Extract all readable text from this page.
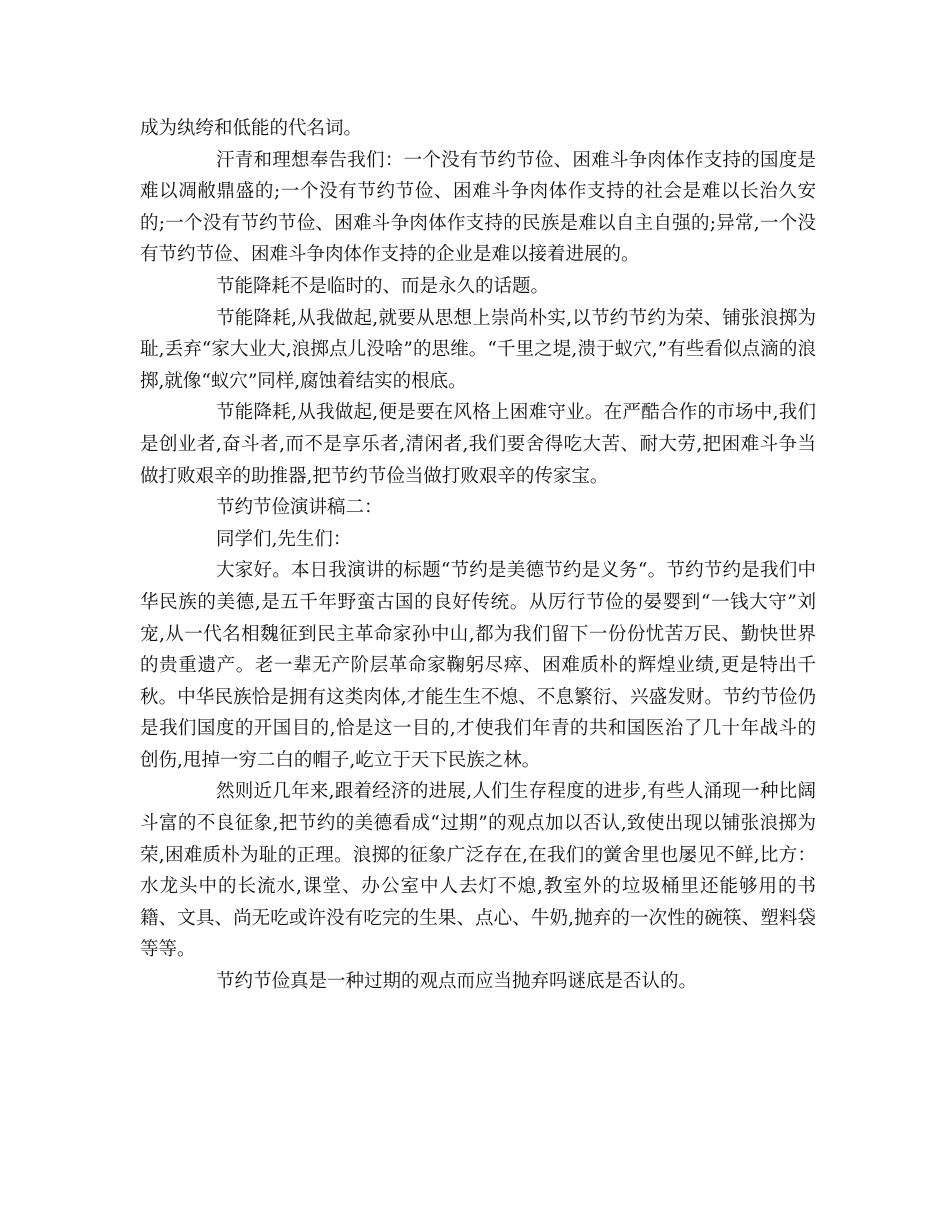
成为纨绔和低能的代名词。

汗青和理想奉告我们：一个没有节约节俭、困难斗争肉体作支持的国度是难以凋敝鼎盛的;一个没有节约节俭、困难斗争肉体作支持的社会是难以长治久安的;一个没有节约节俭、困难斗争肉体作支持的民族是难以自主自强的;异常,一个没有节约节俭、困难斗争肉体作支持的企业是难以接着进展的。

节能降耗不是临时的、而是永久的话题。

节能降耗,从我做起,就要从思想上崇尚朴实,以节约节约为荣、铺张浪掷为耻,丢弃“家大业大,浪掷点儿没啥”的思维。“千里之堤,溃于蚁穴,”有些看似点滴的浪掷,就像“蚁穴”同样,腐蚀着结实的根底。

节能降耗,从我做起,便是要在风格上困难守业。在严酷合作的市场中,我们是创业者,奋斗者,而不是享乐者,清闲者,我们要舍得吃大苦、耐大劳,把困难斗争当做打败艰辛的助推器,把节约节俭当做打败艰辛的传家宝。

节约节俭演讲稿二：

同学们,先生们：

大家好。本日我演讲的标题“节约是美德节约是义务“。节约节约是我们中华民族的美德,是五千年野蛮古国的良好传统。从厉行节俭的晏婴到“一钱大守”刘宠,从一代名相魏征到民主革命家孙中山,都为我们留下一份份忧苦万民、勤快世界的贵重遗产。老一辈无产阶层革命家鞠躬尽瘁、困难质朴的辉煌业绩,更是特出千秋。中华民族恰是拥有这类肉体,才能生生不熄、不息繁衍、兴盛发财。节约节俭仍是我们国度的开国目的,恰是这一目的,才使我们年青的共和国医治了几十年战斗的创伤,甩掉一穷二白的帽子,屹立于天下民族之林。

然则近几年来,跟着经济的进展,人们生存程度的进步,有些人涌现一种比阔斗富的不良征象,把节约的美德看成“过期”的观点加以否认,致使出现以铺张浪掷为荣,困难质朴为耻的正理。浪掷的征象广泛存在,在我们的黉舍里也屡见不鲜,比方：水龙头中的长流水,课堂、办公室中人去灯不熄,教室外的垃圾桶里还能够用的书籍、文具、尚无吃或许没有吃完的生果、点心、牛奶,抛弃的一次性的碗筷、塑料袋等等。

节约节俭真是一种过期的观点而应当抛弃吗谜底是否认的。
